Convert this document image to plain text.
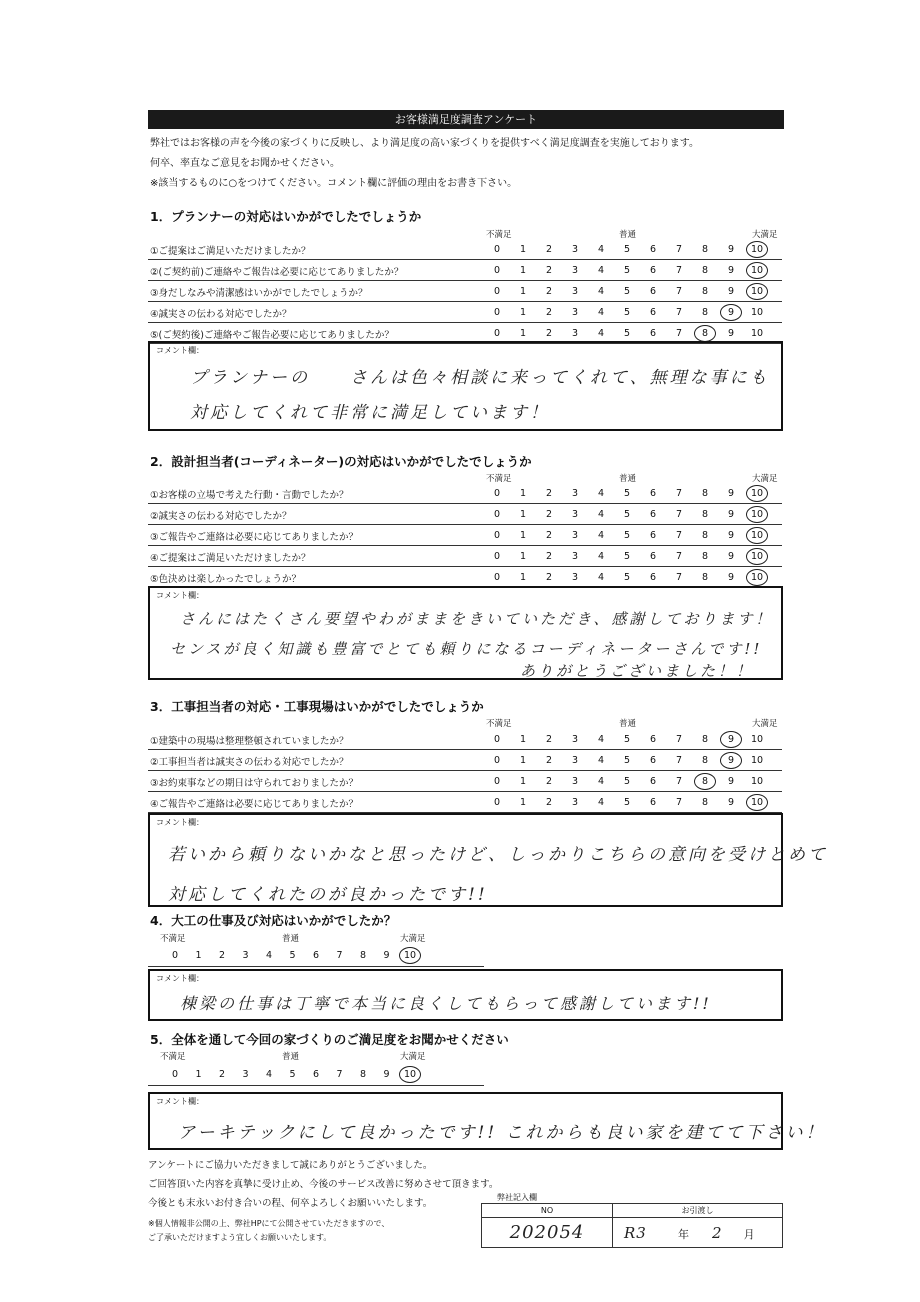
お客様満足度調査アンケート
弊社ではお客様の声を今後の家づくりに反映し、より満足度の高い家づくりを提供すべく満足度調査を実施しております。
何卒、率直なご意見をお聞かせください。
※該当するものに○をつけてください。コメント欄に評価の理由をお書き下さい。
1．プランナーの対応はいかがでしたでしょうか
不満足	普通	大満足
①ご提案はご満足いただけましたか？	0	1	2	3	4	5	6	7	8	9	10
②(ご契約前)ご連絡やご報告は必要に応じてありましたか？	0	1	2	3	4	5	6	7	8	9	10
③身だしなみや清潔感はいかがでしたでしょうか？	0	1	2	3	4	5	6	7	8	9	10
④誠実さの伝わる対応でしたか？	0	1	2	3	4	5	6	7	8	9	10
⑤(ご契約後)ご連絡やご報告必要に応じてありましたか？	0	1	2	3	4	5	6	7	8	9	10
コメント欄：
プランナーの　　さんは色々相談に来ってくれて、無理な事にも
対応してくれて非常に満足しています！
2．設計担当者(コーディネーター)の対応はいかがでしたでしょうか
不満足	普通	大満足
①お客様の立場で考えた行動・言動でしたか？	0	1	2	3	4	5	6	7	8	9	10
②誠実さの伝わる対応でしたか？	0	1	2	3	4	5	6	7	8	9	10
③ご報告やご連絡は必要に応じてありましたか？	0	1	2	3	4	5	6	7	8	9	10
④ご提案はご満足いただけましたか？	0	1	2	3	4	5	6	7	8	9	10
⑤色決めは楽しかったでしょうか？	0	1	2	3	4	5	6	7	8	9	10
コメント欄：
さんにはたくさん要望やわがままをきいていただき、感謝しております！
センスが良く知識も豊富でとても頼りになるコーディネーターさんです!!
ありがとうございました！！
3．工事担当者の対応・工事現場はいかがでしたでしょうか
不満足	普通	大満足
①建築中の現場は整理整頓されていましたか？	0	1	2	3	4	5	6	7	8	9	10
②工事担当者は誠実さの伝わる対応でしたか？	0	1	2	3	4	5	6	7	8	9	10
③お約束事などの期日は守られておりましたか？	0	1	2	3	4	5	6	7	8	9	10
④ご報告やご連絡は必要に応じてありましたか？	0	1	2	3	4	5	6	7	8	9	10
コメント欄：
若いから頼りないかなと思ったけど、しっかりこちらの意向を受けとめて
対応してくれたのが良かったです!!
4．大工の仕事及び対応はいかがでしたか？
不満足	普通	大満足
0	1	2	3	4	5	6	7	8	9	10
コメント欄：
棟梁の仕事は丁寧で本当に良くしてもらって感謝しています!!
5．全体を通して今回の家づくりのご満足度をお聞かせください
不満足	普通	大満足
0	1	2	3	4	5	6	7	8	9	10
コメント欄：
アーキテックにして良かったです!! これからも良い家を建てて下さい！
アンケートにご協力いただきまして誠にありがとうございました。
ご回答頂いた内容を真摯に受け止め、今後のサービス改善に努めさせて頂きます。
今後とも末永いお付き合いの程、何卒よろしくお願いいたします。
※個人情報非公開の上、弊社HPにて公開させていただきますので、
ご了承いただけますよう宜しくお願いいたします。
弊社記入欄
NO	お引渡し
202054	R3 年 2 月
